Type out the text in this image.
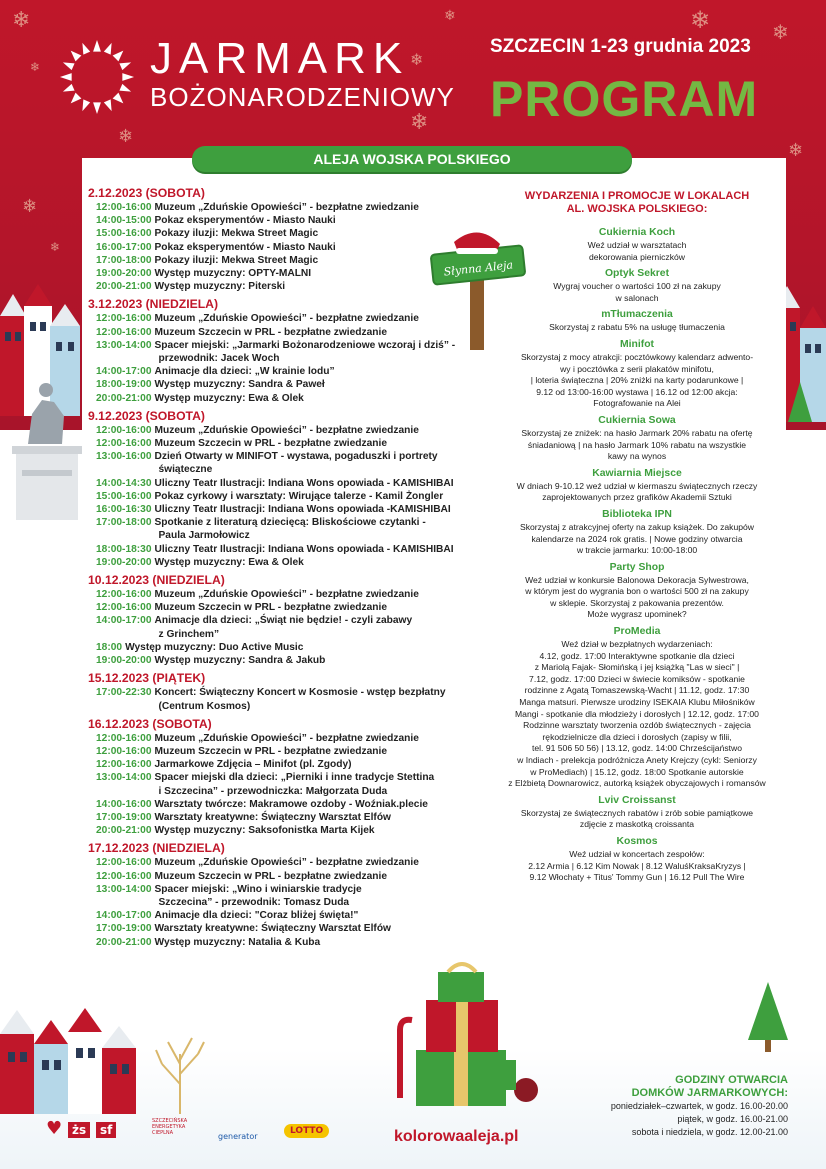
❄
❄
❄
❄	❄	❄
❄
❄
❄
❄
❄ JARMARK
BOŻONARODZENIOWY
SZCZECIN 1-23 grudnia 2023
PROGRAM
ALEJA WOJSKA POLSKIEGO
2.12.2023 (SOBOTA)
12:00-16:00 Muzeum „Zduńskie Opowieści” - bezpłatne zwiedzanie
14:00-15:00 Pokaz eksperymentów - Miasto Nauki
15:00-16:00 Pokazy iluzji: Mekwa Street Magic
16:00-17:00 Pokaz eksperymentów - Miasto Nauki
17:00-18:00 Pokazy iluzji: Mekwa Street Magic
19:00-20:00 Występ muzyczny: OPTY-MALNI
20:00-21:00 Występ muzyczny: Piterski
3.12.2023 (NIEDZIELA)
12:00-16:00 Muzeum „Zduńskie Opowieści” - bezpłatne zwiedzanie
12:00-16:00 Muzeum Szczecin w PRL - bezpłatne zwiedzanie
13:00-14:00 Spacer miejski: „Jarmarki Bożonarodzeniowe wczoraj i dziś” -
przewodnik: Jacek Woch
14:00-17:00 Animacje dla dzieci: „W krainie lodu”
18:00-19:00 Występ muzyczny: Sandra & Paweł
20:00-21:00 Występ muzyczny: Ewa & Olek
9.12.2023 (SOBOTA)
12:00-16:00 Muzeum „Zduńskie Opowieści” - bezpłatne zwiedzanie
12:00-16:00 Muzeum Szczecin w PRL - bezpłatne zwiedzanie
13:00-16:00 Dzień Otwarty w MINIFOT - wystawa, pogaduszki i portrety
świąteczne
14:00-14:30 Uliczny Teatr Ilustracji: Indiana Wons opowiada - KAMISHIBAI
15:00-16:00 Pokaz cyrkowy i warsztaty: Wirujące talerze - Kamil Żongler
16:00-16:30 Uliczny Teatr Ilustracji: Indiana Wons opowiada -KAMISHIBAI
17:00-18:00 Spotkanie z literaturą dziecięcą: Bliskościowe czytanki -
Paula Jarmołowicz
18:00-18:30 Uliczny Teatr Ilustracji: Indiana Wons opowiada - KAMISHIBAI
19:00-20:00 Występ muzyczny: Ewa & Olek
10.12.2023 (NIEDZIELA)
12:00-16:00 Muzeum „Zduńskie Opowieści” - bezpłatne zwiedzanie
12:00-16:00 Muzeum Szczecin w PRL - bezpłatne zwiedzanie
14:00-17:00 Animacje dla dzieci: „Świąt nie będzie! - czyli zabawy
z Grinchem”
18:00 Występ muzyczny: Duo Active Music
19:00-20:00 Występ muzyczny: Sandra & Jakub
15.12.2023 (PIĄTEK)
17:00-22:30 Koncert: Świąteczny Koncert w Kosmosie - wstęp bezpłatny
(Centrum Kosmos)
16.12.2023 (SOBOTA)
12:00-16:00 Muzeum „Zduńskie Opowieści” - bezpłatne zwiedzanie
12:00-16:00 Muzeum Szczecin w PRL - bezpłatne zwiedzanie
12:00-16:00 Jarmarkowe Zdjęcia – Minifot (pl. Zgody)
13:00-14:00 Spacer miejski dla dzieci: „Pierniki i inne tradycje Stettina
i Szczecina” - przewodniczka: Małgorzata Duda
14:00-16:00 Warsztaty twórcze: Makramowe ozdoby - Woźniak.plecie
17:00-19:00 Warsztaty kreatywne: Świąteczny Warsztat Elfów
20:00-21:00 Występ muzyczny: Saksofonistka Marta Kijek
17.12.2023 (NIEDZIELA)
12:00-16:00 Muzeum „Zduńskie Opowieści” - bezpłatne zwiedzanie
12:00-16:00 Muzeum Szczecin w PRL - bezpłatne zwiedzanie
13:00-14:00 Spacer miejski: „Wino i winiarskie tradycje
Szczecina” - przewodnik: Tomasz Duda
14:00-17:00 Animacje dla dzieci: "Coraz bliżej święta!"
17:00-19:00 Warsztaty kreatywne: Świąteczny Warsztat Elfów
20:00-21:00 Występ muzyczny: Natalia & Kuba
Słynna Aleja
WYDARZENIA I PROMOCJE W LOKALACH
AL. WOJSKA POLSKIEGO:
Cukiernia Koch
Weź udział w warsztatach
dekorowania pierniczków
Optyk Sekret
Wygraj voucher o wartości 100 zł na zakupy
w salonach
mTłumaczenia
Skorzystaj z rabatu 5% na usługę tłumaczenia
Minifot
Skorzystaj z mocy atrakcji: pocztówkowy kalendarz adwento-
wy i pocztówka z serii plakatów minifotu,
| loteria świąteczna | 20% zniżki na karty podarunkowe |
9.12 od 13:00-16:00 wystawa | 16.12 od 12:00 akcja:
Fotografowanie na Alei
Cukiernia Sowa
Skorzystaj ze zniżek: na hasło Jarmark 20% rabatu na ofertę
śniadaniową | na hasło Jarmark 10% rabatu na wszystkie
kawy na wynos
Kawiarnia Miejsce
W dniach 9-10.12 weź udział w kiermaszu świątecznych rzeczy
zaprojektowanych przez grafików Akademii Sztuki
Biblioteka IPN
Skorzystaj z atrakcyjnej oferty na zakup książek. Do zakupów
kalendarze na 2024 rok gratis. | Nowe godziny otwarcia
w trakcie jarmarku: 10:00-18:00
Party Shop
Weź udział w konkursie Balonowa Dekoracja Sylwestrowa,
w którym jest do wygrania bon o wartości 500 zł na zakupy
w sklepie. Skorzystaj z pakowania prezentów.
Może wygrasz upominek?
ProMedia
Weź dział w bezpłatnych wydarzeniach:
4.12, godz. 17:00 Interaktywne spotkanie dla dzieci
z Mariolą Fajak- Słomińską i jej książką "Las w sieci" |
7.12, godz. 17:00 Dzieci w świecie komiksów - spotkanie
rodzinne z Agatą Tomaszewską-Wacht | 11.12, godz. 17:30
Manga matsuri. Pierwsze urodziny ISEKAIA Klubu Miłośników
Mangi - spotkanie dla młodzieży i dorosłych | 12.12, godz. 17:00
Rodzinne warsztaty tworzenia ozdób świątecznych - zajęcia
rękodzielnicze dla dzieci i dorosłych (zapisy w filii,
tel. 91 506 50 56) | 13.12, godz. 14:00 Chrześcijaństwo
w Indiach - prelekcja podróżnicza Anety Krejczy (cykl: Seniorzy
w ProMediach) | 15.12, godz. 18:00 Spotkanie autorskie
z Elżbietą Downarowicz, autorką książek obyczajowych i romansów
Lviv Croissanst
Skorzystaj ze świątecznych rabatów i zrób sobie pamiątkowe
zdjęcie z maskotką croissanta
Kosmos
Weź udział w koncertach zespołów:
2.12 Armia | 6.12 Kim Nowak | 8.12 WaluśKraksaKryzys |
9.12 Włochaty + Titus' Tommy Gun | 16.12 Pull The Wire
GODZINY OTWARCIA
DOMKÓW JARMARKOWYCH:
poniedziałek–czwartek, w godz. 16.00-20.00
piątek, w godz. 16.00-21.00
sobota i niedziela, w godz. 12.00-21.00
♥ żs	sf
SZCZECIŃSKA ENERGETYKA CIEPLNA	generator
LOTTO	kolorowaaleja.pl
